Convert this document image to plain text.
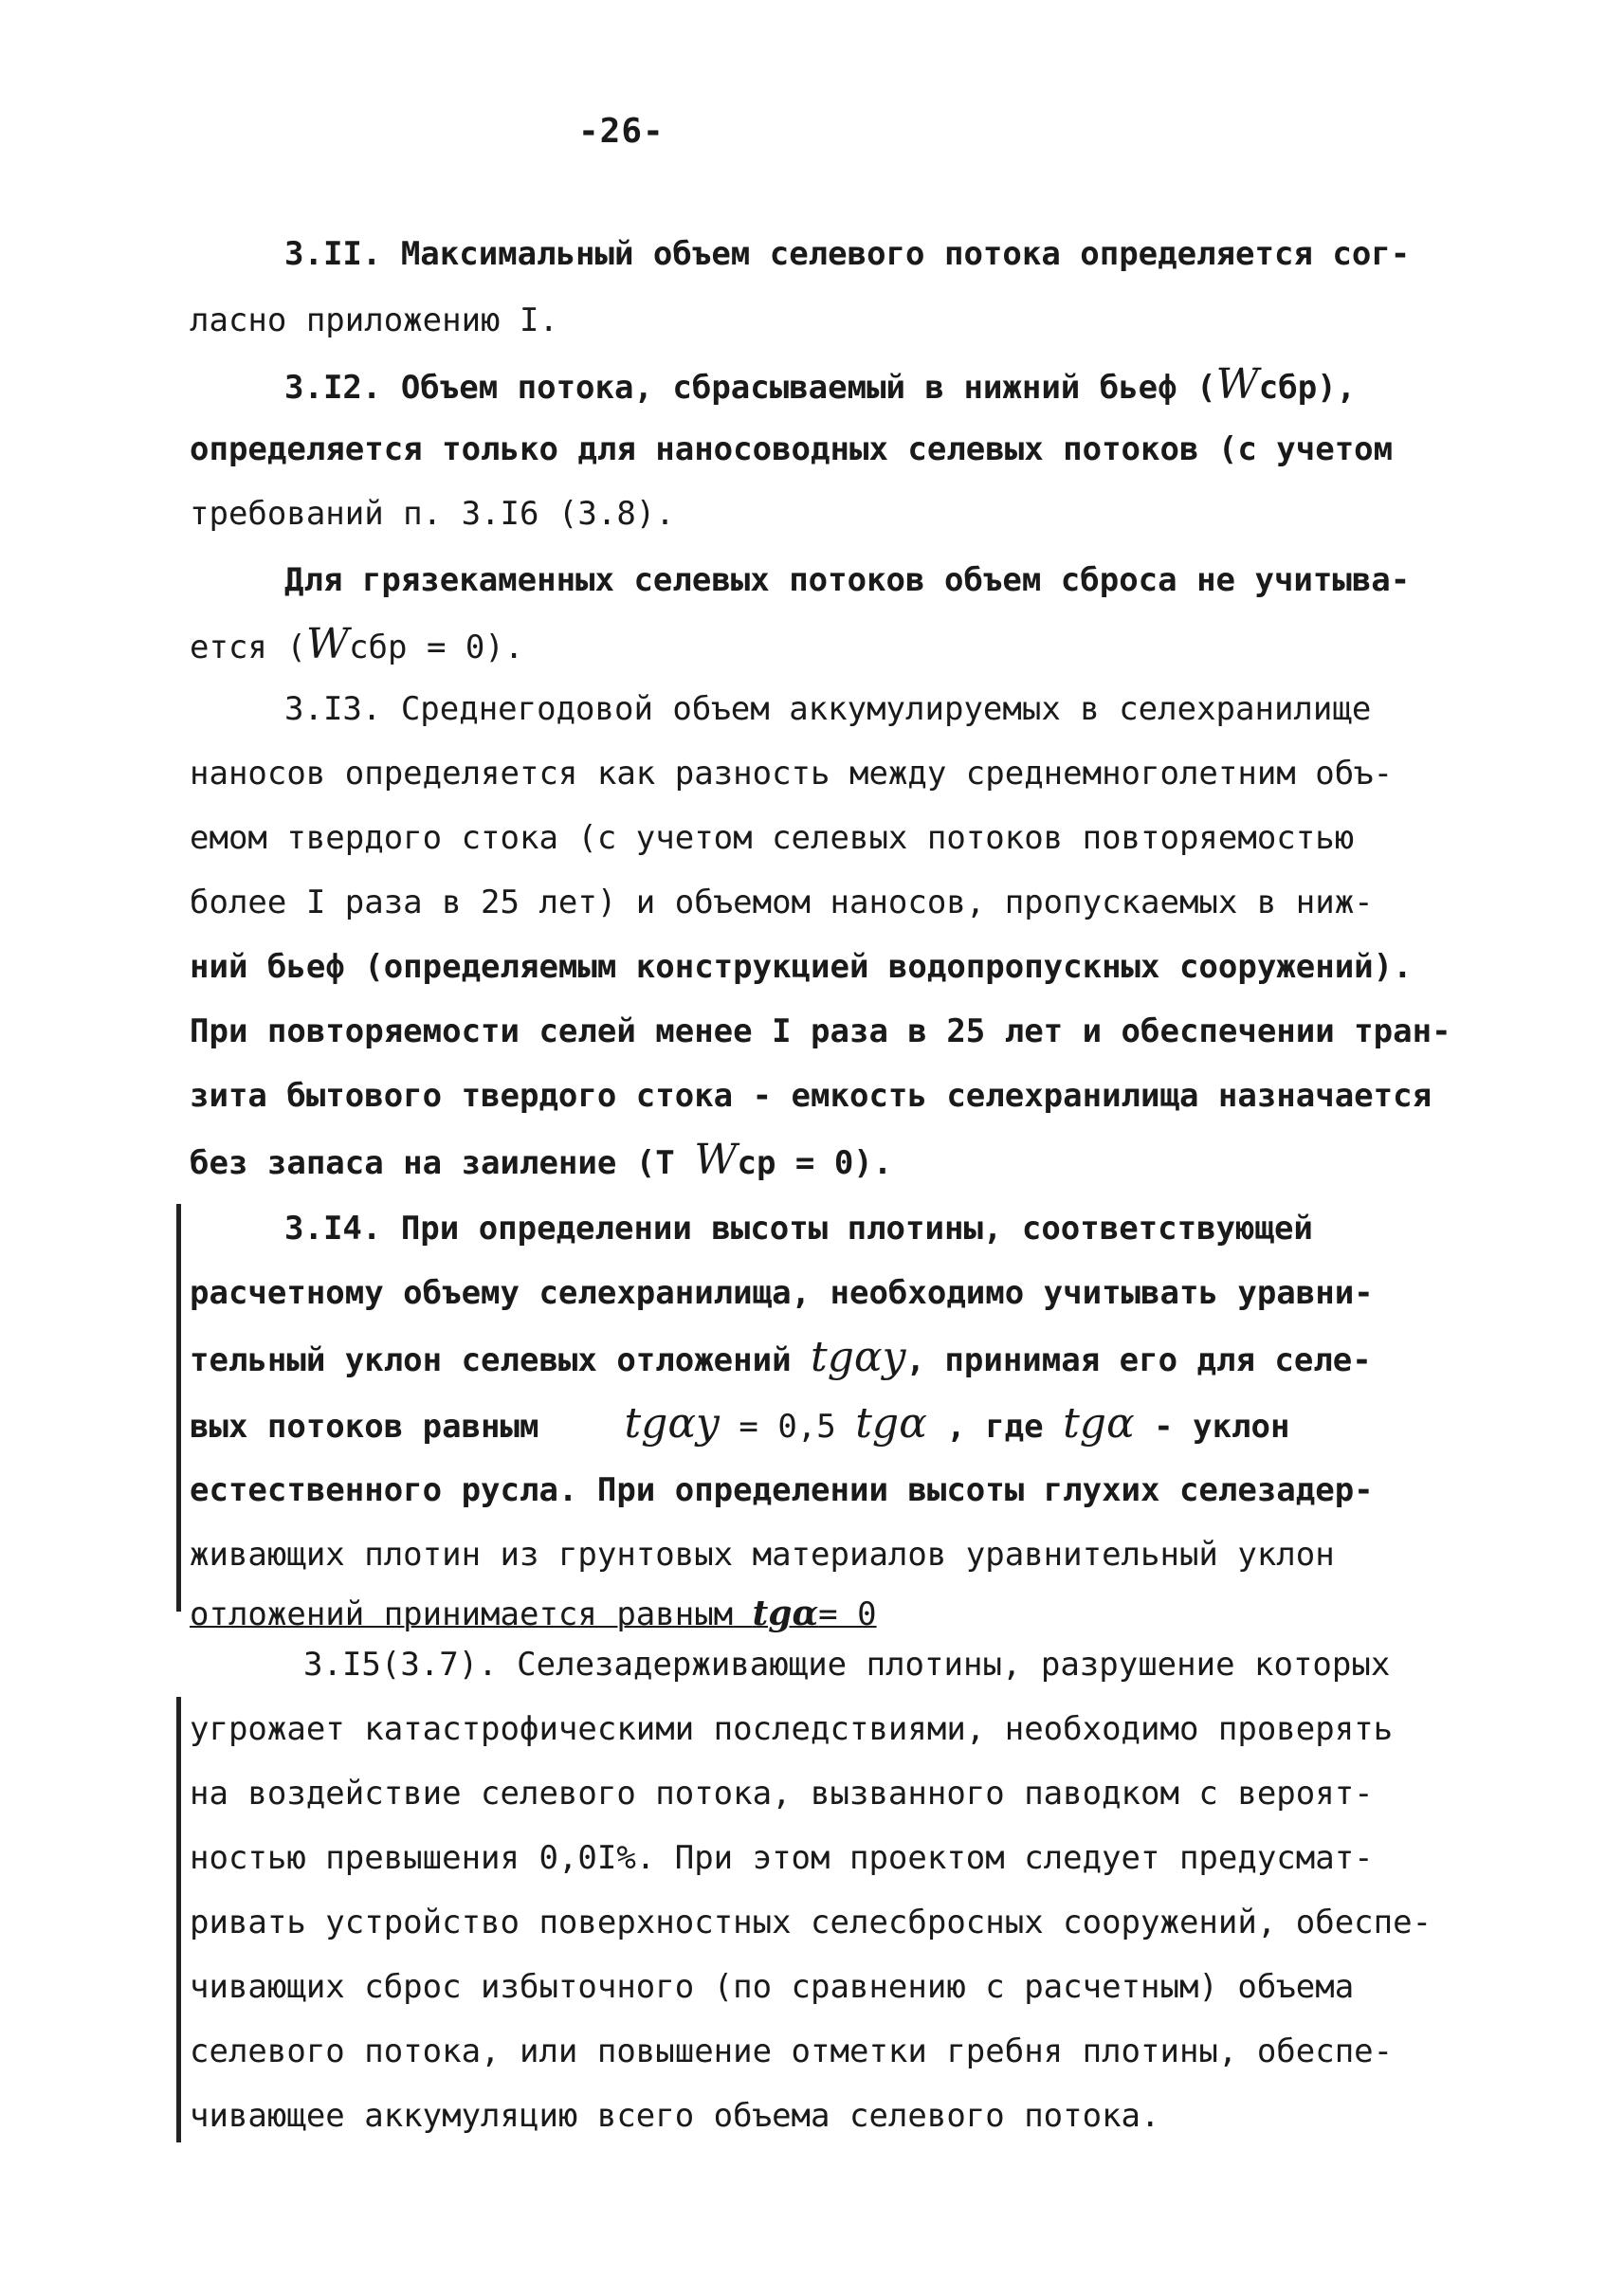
-26-
3.II. Максимальный объем селевого потока определяется сог-
ласно приложению I.
3.I2. Объем потока, сбрасываемый в нижний бьеф (Wсбр),
определяется только для наносоводных селевых потоков (с учетом
требований п. 3.I6 (3.8).
Для грязекаменных селевых потоков объем сброса не учитыва-
ется (Wсбр = 0).
3.I3. Среднегодовой объем аккумулируемых в селехранилище
наносов определяется как разность между среднемноголетним объ-
емом твердого стока (с учетом селевых потоков повторяемостью
более I раза в 25 лет) и объемом наносов, пропускаемых в ниж-
ний бьеф (определяемым конструкцией водопропускных сооружений).
При повторяемости селей менее I раза в 25 лет и обеспечении тран-
зита бытового твердого стока - емкость селехранилища назначается
без запаса на заиление (Т Wср = 0).
3.I4. При определении высоты плотины, соответствующей
расчетному объему селехранилища, необходимо учитывать уравни-
тельный уклон селевых отложений tgαy, принимая его для селе-
вых потоков равным tgαy = 0,5 tgα , где tgα - уклон
естественного русла. При определении высоты глухих селезадер-
живающих плотин из грунтовых материалов уравнительный уклон
отложений принимается равным tgα= 0
3.I5(3.7). Селезадерживающие плотины, разрушение которых
угрожает катастрофическими последствиями, необходимо проверять
на воздействие селевого потока, вызванного паводком с вероят-
ностью превышения 0,0I%. При этом проектом следует предусмат-
ривать устройство поверхностных селесбросных сооружений, обеспе-
чивающих сброс избыточного (по сравнению с расчетным) объема
селевого потока, или повышение отметки гребня плотины, обеспе-
чивающее аккумуляцию всего объема селевого потока.
